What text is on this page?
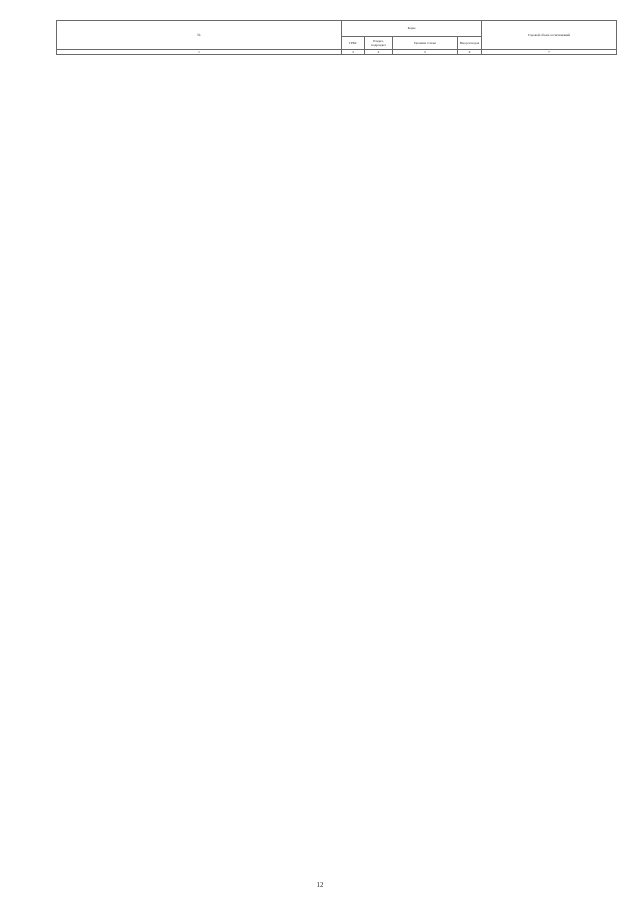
№	Коды				Годовой объем ассигнований
	ГРБС	Раздел, подраздел	Целевая статья	Вид расходов	
1	3	4	5	6	7
12
